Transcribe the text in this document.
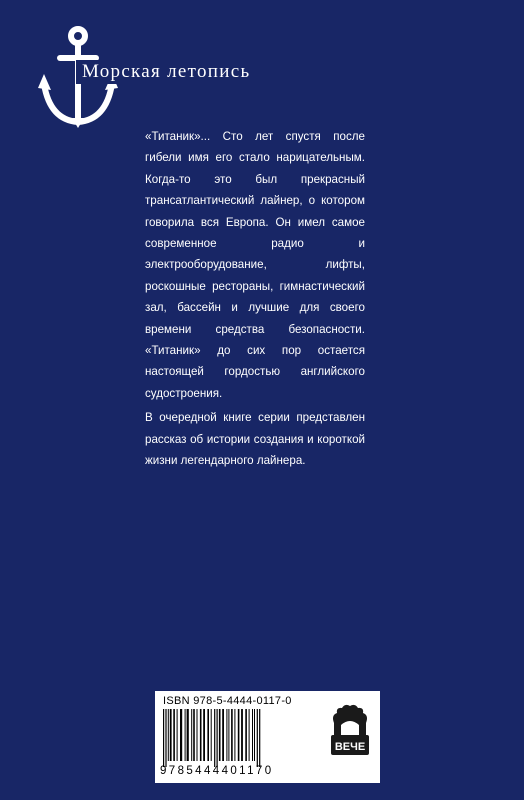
Морская летопись

«Титаник»... Сто лет спустя после гибели имя его стало нарицательным. Когда-то это был прекрасный трансатлантический лайнер, о котором говорила вся Европа. Он имел самое современное радио и электрооборудование, лифты, роскошные рестораны, гимнастический зал, бассейн и лучшие для своего времени средства безопасности. «Титаник» до сих пор остается настоящей гордостью английского судостроения.

В очередной книге серии представлен рассказ об истории создания и короткой жизни легендарного лайнера.

ISBN 978-5-4444-0117-0
9785444401170
ВЕЧЕ
